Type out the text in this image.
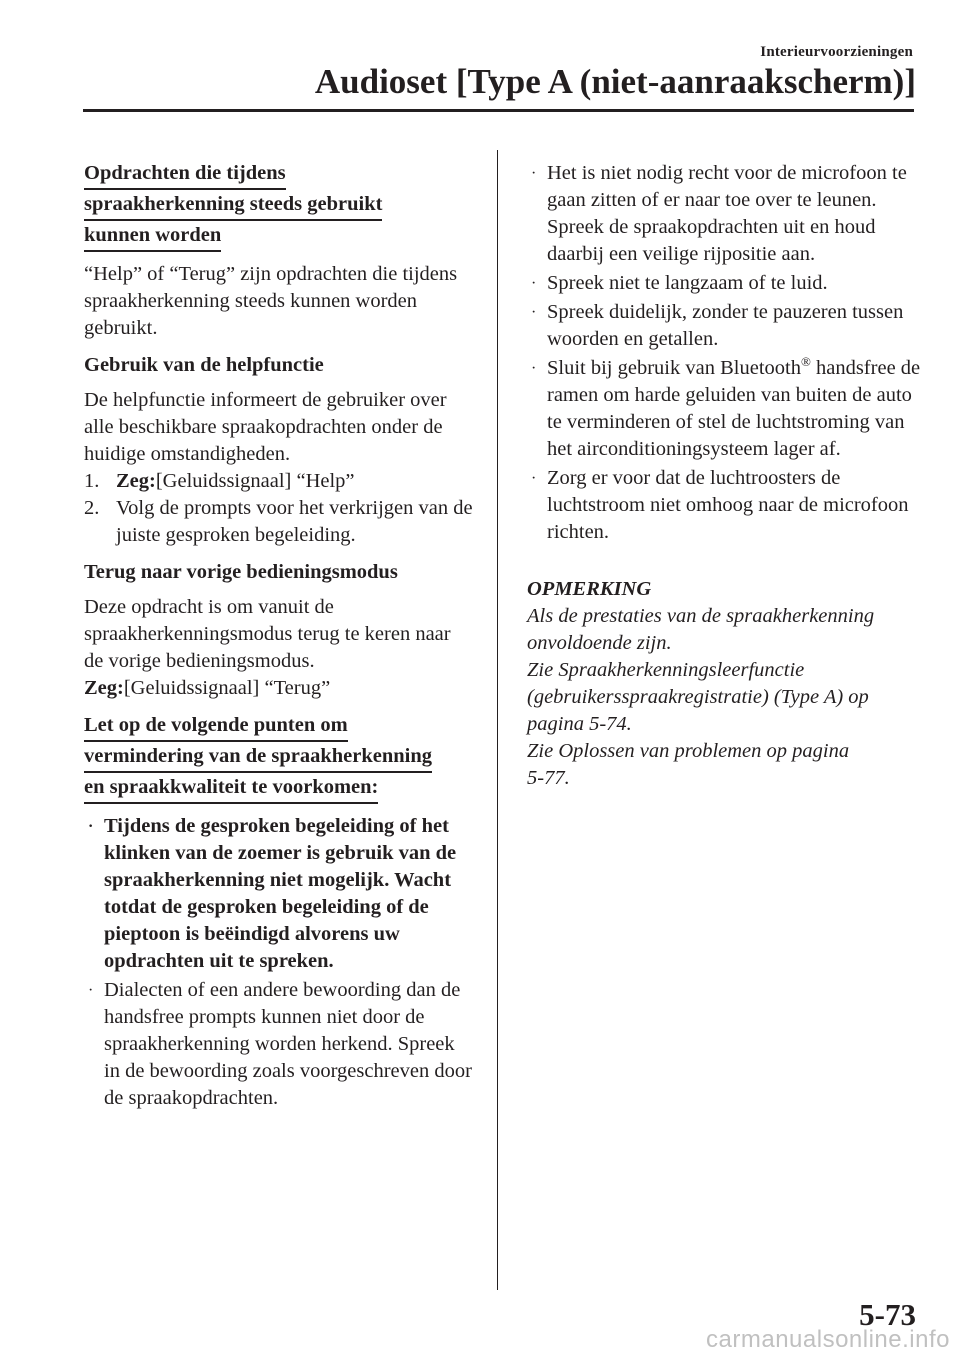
Interieurvoorzieningen
Audioset [Type A (niet-aanraakscherm)]
Opdrachten die tijdens
spraakherkenning steeds gebruikt
kunnen worden

“Help” of “Terug” zijn opdrachten die tijdens spraakherkenning steeds kunnen worden gebruikt.

Gebruik van de helpfunctie

De helpfunctie informeert de gebruiker over alle beschikbare spraakopdrachten onder de huidige omstandigheden.

1. Zeg:[Geluidssignaal] “Help”
2. Volg de prompts voor het verkrijgen van de juiste gesproken begeleiding.
Terug naar vorige bedieningsmodus

Deze opdracht is om vanuit de spraakherkenningsmodus terug te keren naar de vorige bedieningsmodus.

Zeg:[Geluidssignaal] “Terug”
Let op de volgende punten om
vermindering van de spraakherkenning
en spraakkwaliteit te voorkomen:
· Tijdens de gesproken begeleiding of het klinken van de zoemer is gebruik van de spraakherkenning niet mogelijk. Wacht totdat de gesproken begeleiding of de pieptoon is beëindigd alvorens uw opdrachten uit te spreken.
· Dialecten of een andere bewoording dan de handsfree prompts kunnen niet door de spraakherkenning worden herkend. Spreek in de bewoording zoals voorgeschreven door de spraakopdrachten.
· Het is niet nodig recht voor de microfoon te gaan zitten of er naar toe over te leunen. Spreek de spraakopdrachten uit en houd daarbij een veilige rijpositie aan.
· Spreek niet te langzaam of te luid.
· Spreek duidelijk, zonder te pauzeren tussen woorden en getallen.
· Sluit bij gebruik van Bluetooth® handsfree de ramen om harde geluiden van buiten de auto te verminderen of stel de luchtstroming van het airconditioningsysteem lager af.
· Zorg er voor dat de luchtroosters de luchtstroom niet omhoog naar de microfoon richten.
OPMERKING
Als de prestaties van de spraakherkenning
onvoldoende zijn.
Zie Spraakherkenningsleerfunctie
(gebruikersspraakregistratie) (Type A) op
pagina 5-74.
Zie Oplossen van problemen op pagina
5-77.
5-73
carmanualsonline.info
